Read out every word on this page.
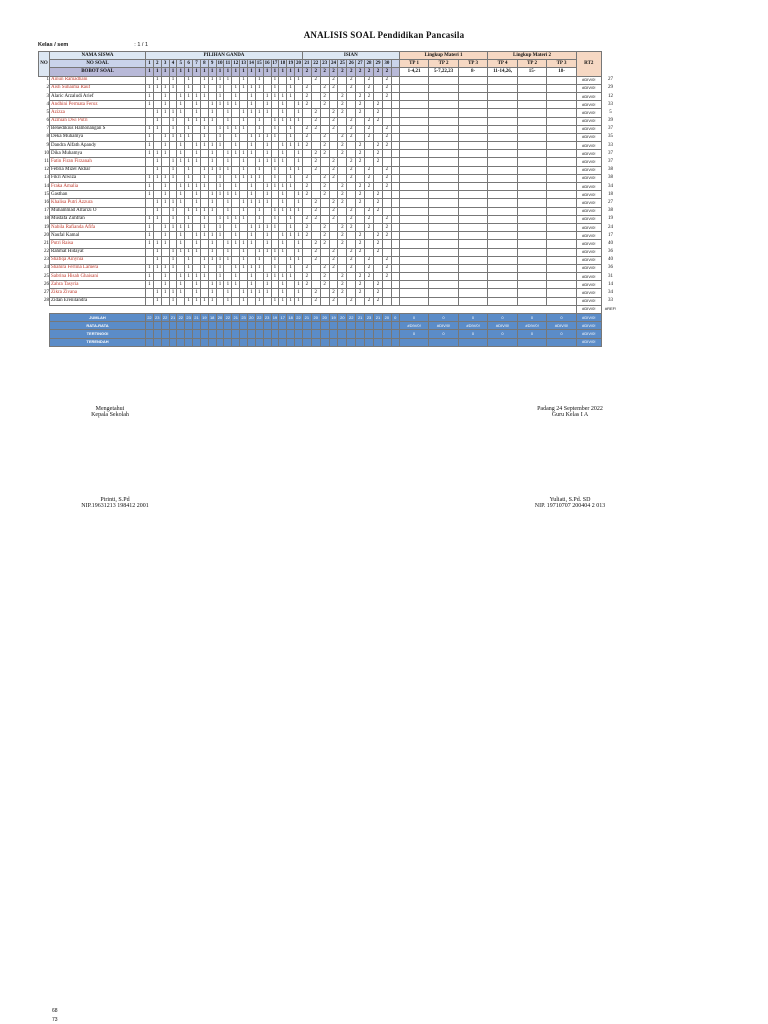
ANALISIS SOAL Pendidikan Pancasila
Kelas / sem	: 1 / 1
NO	NAMA SISWA	PILIHAN GANDA																				ISIAN											Lingkup Materi 1			Lingkup Materi 2			RT2	
	NO SOAL	1	2	3	4	5	6	7	8	9	10	11	12	13	14	15	16	17	18	19	20	21	22	23	24	25	26	27	28	29	30		TP 1	TP 2	TP 3	TP 4	TP 2	TP 3		
	BOBOT SOAL	1	1	1	1	1	1	1	1	1	1	1	1	1	1	1	1	1	1	1	1	2	2	2	2	2	2	2	2	2	2		1-4,21	5-7,22,23	8-	11-14,26,	15-	18-		
1	Ainun Ramadhani		1		1		1		1	1	1	1		1		1		1		1	1		2		2		2		2		2								#DIV/0!	27
2	Aish Suhaima Rauf	1	1	1	1		1		1		1		1	1	1	1		1		1		2		2	2		2		2		2								#DIV/0!	29
3	Alaric Arzaludi Arief	1		1		1	1	1	1		1		1		1		1	1	1	1		2		2		2		2	2		2								#DIV/0!	12
4	Andhini Permata Feroz	1		1		1		1		1	1	1	1		1		1		1		1	2		2		2		2		2									#DIV/0!	33
5	Azizza		1	1	1	1		1		1		1		1	1	1	1		1		1		2		2	2		2		2									#DIV/0!	5
6	Azmiah Dwi Putri		1		1		1	1	1	1		1		1		1		1	1	1	1		2		2		2		2	2									#DIV/0!	39
7	Benedikius Hamonangan S	1	1		1		1		1		1	1	1	1		1		1		1		2	2		2		2		2		2								#DIV/0!	37
8	Deka Muhamya	1		1	1	1	1		1		1		1		1	1	1	1		1		2		2		2	2		2		2								#DIV/0!	35
9	Dandra Alfath Apandy	1		1		1		1	1	1	1		1		1		1		1	1	1	2		2		2		2		2	2								#DIV/0!	33
10	Dika Muhamya	1	1	1		1		1		1		1	1	1	1		1		1		1		2	2		2		2		2									#DIV/0!	37
11	Fatin Firan Firzanah		1		1	1	1	1		1		1		1		1	1	1	1		1		2		2		2	2		2									#DIV/0!	37
12	Febria Mizel Akbar		1		1		1		1	1	1	1		1		1		1		1	1		2		2		2		2		2								#DIV/0!	38
13	Fikri Alwiza	1	1	1	1		1		1		1		1	1	1	1		1		1		2		2	2		2		2		2								#DIV/0!	38
14	Fraka Amalia	1		1		1	1	1	1		1		1		1		1	1	1	1		2		2		2		2	2		2								#DIV/0!	34
15	Gasthan	1		1		1		1		1	1	1	1		1		1		1		1	2		2		2		2		2									#DIV/0!	18
16	Khalisa Putri Azzura		1	1	1	1		1		1		1		1	1	1	1		1		1		2		2	2		2		2									#DIV/0!	27
17	Muhammad Alfarizi O		1		1		1	1	1	1		1		1		1		1	1	1	1		2		2		2		2	2									#DIV/0!	38
18	Mustafa Zuhfran	1	1		1		1		1		1	1	1	1		1		1		1		2	2		2		2		2		2								#DIV/0!	19
19	Nabila Rafianda Afifa	1		1	1	1	1		1		1		1		1	1	1	1		1		2		2		2	2		2		2								#DIV/0!	24
20	Naufal Kamal	1		1		1		1	1	1	1		1		1		1		1	1	1	2		2		2		2		2	2								#DIV/0!	17
21	Putri Raisa	1	1	1		1		1		1		1	1	1	1		1		1		1		2	2		2		2		2									#DIV/0!	40
22	Rahmat Hidayat		1		1	1	1	1		1		1		1		1	1	1	1		1		2		2		2	2		2									#DIV/0!	36
23	Shafiqa Ainynia		1		1		1		1	1	1	1		1		1		1		1	1		2		2		2		2		2								#DIV/0!	40
24	Shahira Ferlina Lamera	1	1	1	1		1		1		1		1	1	1	1		1		1		2		2	2		2		2		2								#DIV/0!	36
25	Sabrina Hisah Ghaisani	1		1		1	1	1	1		1		1		1		1	1	1	1		2		2		2		2	2		2								#DIV/0!	31
26	Zahra Tasyria	1		1		1		1		1	1	1	1		1		1		1		1	2		2		2		2		2									#DIV/0!	14
27	Zikra Zivana		1	1	1	1		1		1		1		1	1	1	1		1		1		2		2	2		2		2									#DIV/0!	34
28	Zidan Erenilandra		1		1		1	1	1	1		1		1		1		1	1	1	1		2		2		2		2	2									#DIV/0!	33
																																							#DIV/0!	#REF!
	JUMLAH	22	23	22	21	22	23	21	19	18	20	22	21	23	20	22	23	19	17	18	22	21	20	20	19	20	22	21	23	21	20	0	0	0	0	0	0	0	#DIV/0!	
	RATA-RATA																																#DIV/0!	#DIV/0!	#DIV/0!	#DIV/0!	#DIV/0!	#DIV/0!	#DIV/0!	
	TERTINGGI																																0	0	0	0	0	0	#DIV/0!	
	TERENDAH																																						#DIV/0!	
Mengetahui
Kepala Sekolah
Pirinti, S.Pd
NIP.19631213 198412 2001
Padang 24 September 2022
Guru Kelas I A
Yuliati, S.Pd. SD
NIP. 19710707 200404 2 013
68
73
